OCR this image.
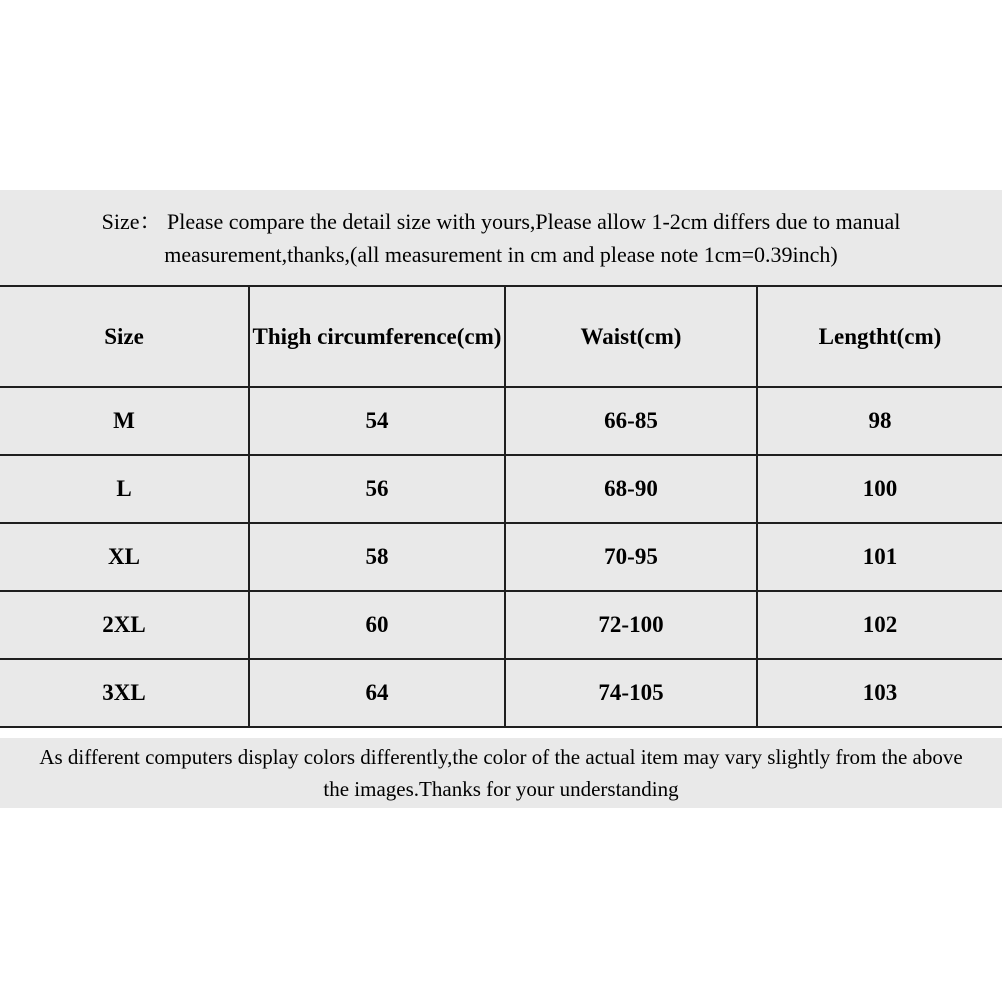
Size： Please compare the detail size with yours,Please allow 1-2cm differs due to manual
measurement,thanks,(all measurement in cm and please note 1cm=0.39inch)
Size	Thigh circumference(cm)	Waist(cm)	Lengtht(cm)
M	54	66-85	98
L	56	68-90	100
XL	58	70-95	101
2XL	60	72-100	102
3XL	64	74-105	103
As different computers display colors differently,the color of the actual item may vary slightly from the above
the images.Thanks for your understanding
